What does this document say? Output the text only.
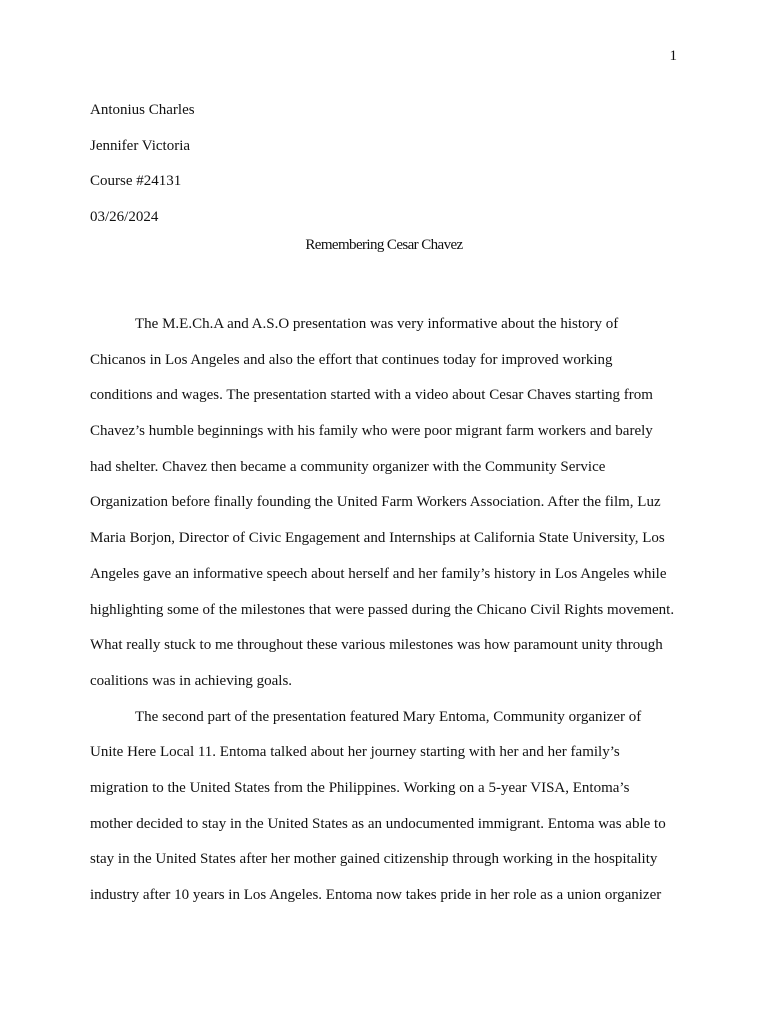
1
Antonius Charles
Jennifer Victoria
Course #24131
03/26/2024
Remembering Cesar Chavez
The M.E.Ch.A and A.S.O presentation was very informative about the history of
Chicanos in Los Angeles and also the effort that continues today for improved working
conditions and wages. The presentation started with a video about Cesar Chaves starting from
Chavez’s humble beginnings with his family who were poor migrant farm workers and barely
had shelter. Chavez then became a community organizer with the Community Service
Organization before finally founding the United Farm Workers Association. After the film, Luz
Maria Borjon, Director of Civic Engagement and Internships at California State University, Los
Angeles gave an informative speech about herself and her family’s history in Los Angeles while
highlighting some of the milestones that were passed during the Chicano Civil Rights movement.
What really stuck to me throughout these various milestones was how paramount unity through
coalitions was in achieving goals.
The second part of the presentation featured Mary Entoma, Community organizer of
Unite Here Local 11. Entoma talked about her journey starting with her and her family’s
migration to the United States from the Philippines. Working on a 5-year VISA, Entoma’s
mother decided to stay in the United States as an undocumented immigrant. Entoma was able to
stay in the United States after her mother gained citizenship through working in the hospitality
industry after 10 years in Los Angeles. Entoma now takes pride in her role as a union organizer
